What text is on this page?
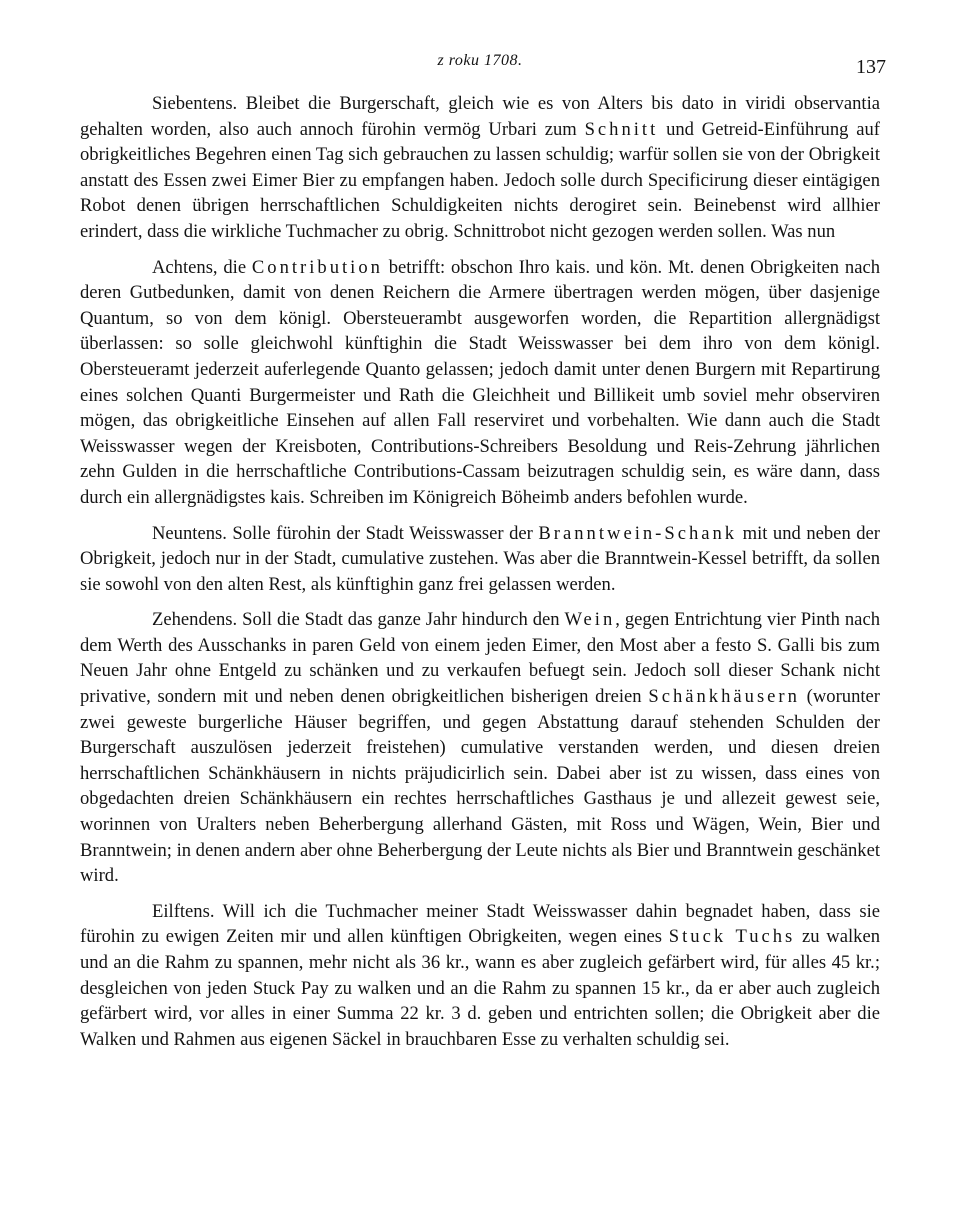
z roku 1708.	137

Siebentens. Bleibet die Burgerschaft, gleich wie es von Alters bis dato in viridi observantia gehalten worden, also auch annoch fürohin vermög Urbari zum Schnitt und Getreid-Einführung auf obrigkeitliches Begehren einen Tag sich gebrauchen zu lassen schuldig; warfür sollen sie von der Obrigkeit anstatt des Essen zwei Eimer Bier zu empfangen haben. Jedoch solle durch Specificirung dieser eintägigen Robot denen übrigen herrschaftlichen Schuldigkeiten nichts derogiret sein. Beinebenst wird allhier erindert, dass die wirkliche Tuchmacher zu obrig. Schnittrobot nicht gezogen werden sollen. Was nun

Achtens, die Contribution betrifft: obschon Ihro kais. und kön. Mt. denen Obrigkeiten nach deren Gutbedunken, damit von denen Reichern die Armere übertragen werden mögen, über dasjenige Quantum, so von dem königl. Obersteuerambt ausgeworfen worden, die Repartition allergnädigst überlassen: so solle gleichwohl künftighin die Stadt Weisswasser bei dem ihro von dem königl. Obersteueramt jederzeit auferlegende Quanto gelassen; jedoch damit unter denen Burgern mit Repartirung eines solchen Quanti Burgermeister und Rath die Gleichheit und Billikeit umb soviel mehr observiren mögen, das obrigkeitliche Einsehen auf allen Fall reserviret und vorbehalten. Wie dann auch die Stadt Weisswasser wegen der Kreisboten, Contributions-Schreibers Besoldung und Reis-Zehrung jährlichen zehn Gulden in die herrschaftliche Contributions-Cassam beizutragen schuldig sein, es wäre dann, dass durch ein allergnädigstes kais. Schreiben im Königreich Böheimb anders befohlen wurde.

Neuntens. Solle fürohin der Stadt Weisswasser der Branntwein-Schank mit und neben der Obrigkeit, jedoch nur in der Stadt, cumulative zustehen. Was aber die Branntwein-Kessel betrifft, da sollen sie sowohl von den alten Rest, als künftighin ganz frei gelassen werden.

Zehendens. Soll die Stadt das ganze Jahr hindurch den Wein, gegen Entrichtung vier Pinth nach dem Werth des Ausschanks in paren Geld von einem jeden Eimer, den Most aber a festo S. Galli bis zum Neuen Jahr ohne Entgeld zu schänken und zu verkaufen befuegt sein. Jedoch soll dieser Schank nicht privative, sondern mit und neben denen obrigkeitlichen bisherigen dreien Schänkhäusern (worunter zwei geweste burgerliche Häuser begriffen, und gegen Abstattung darauf stehenden Schulden der Burgerschaft auszulösen jederzeit freistehen) cumulative verstanden werden, und diesen dreien herrschaftlichen Schänkhäusern in nichts präjudicirlich sein. Dabei aber ist zu wissen, dass eines von obgedachten dreien Schänkhäusern ein rechtes herrschaftliches Gasthaus je und allezeit gewest seie, worinnen von Uralters neben Beherbergung allerhand Gästen, mit Ross und Wägen, Wein, Bier und Branntwein; in denen andern aber ohne Beherbergung der Leute nichts als Bier und Branntwein geschänket wird.

Eilftens. Will ich die Tuchmacher meiner Stadt Weisswasser dahin begnadet haben, dass sie fürohin zu ewigen Zeiten mir und allen künftigen Obrigkeiten, wegen eines Stuck Tuchs zu walken und an die Rahm zu spannen, mehr nicht als 36 kr., wann es aber zugleich gefärbert wird, für alles 45 kr.; desgleichen von jeden Stuck Pay zu walken und an die Rahm zu spannen 15 kr., da er aber auch zugleich gefärbert wird, vor alles in einer Summa 22 kr. 3 d. geben und entrichten sollen; die Obrigkeit aber die Walken und Rahmen aus eigenen Säckel in brauchbaren Esse zu verhalten schuldig sei.
